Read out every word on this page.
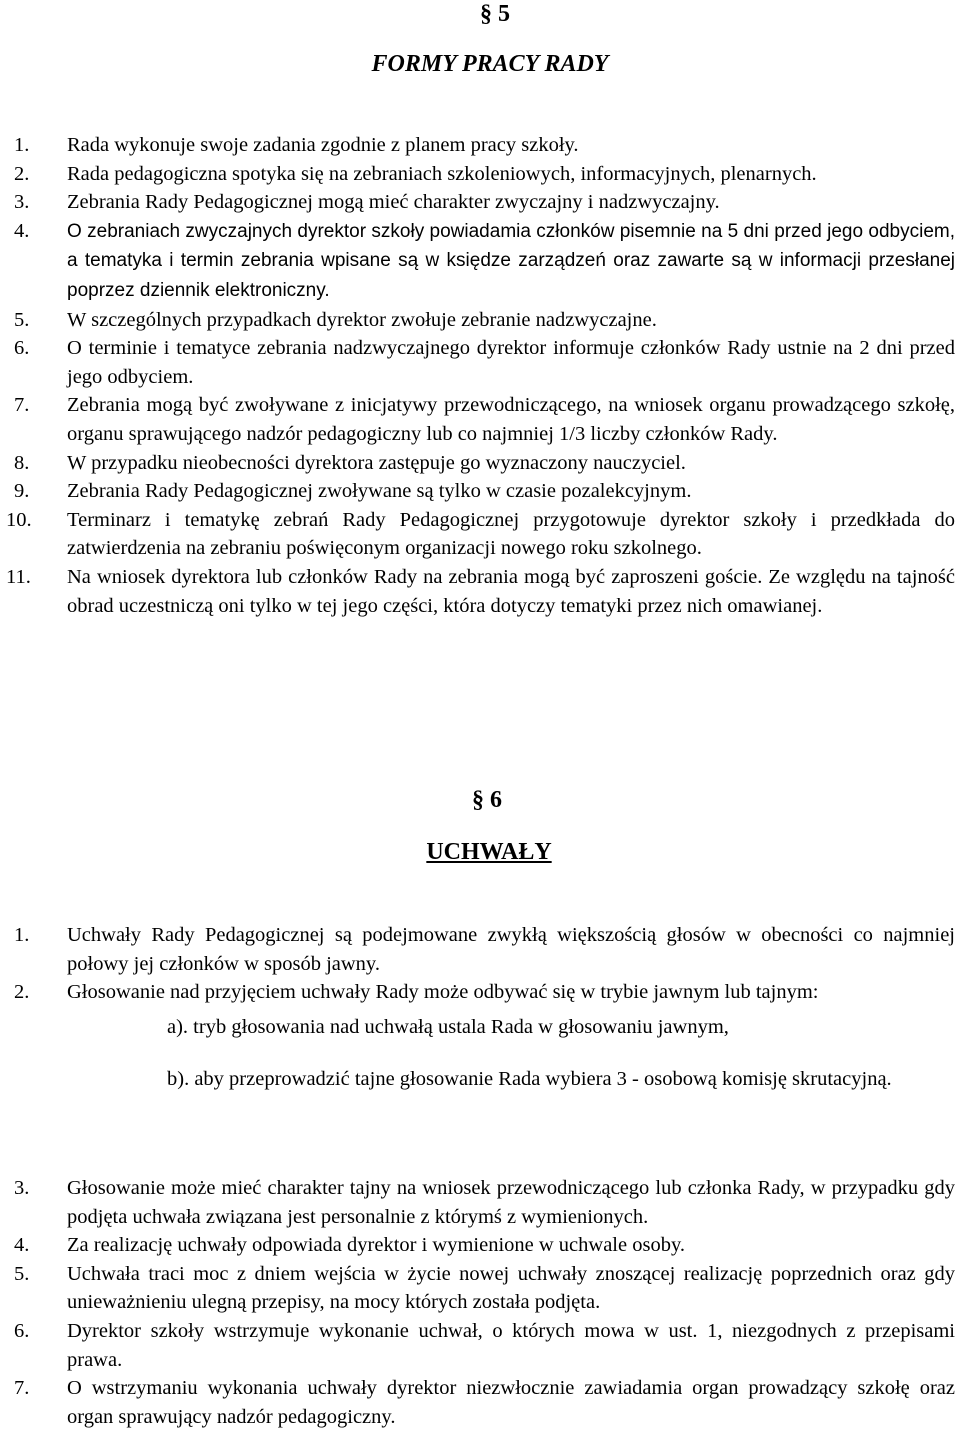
§ 5
FORMY PRACY RADY
1. Rada wykonuje swoje zadania zgodnie z planem pracy szkoły.
2. Rada pedagogiczna spotyka się na zebraniach szkoleniowych, informacyjnych, plenarnych.
3. Zebrania Rady Pedagogicznej mogą mieć charakter zwyczajny i nadzwyczajny.
4. O zebraniach zwyczajnych dyrektor szkoły powiadamia członków pisemnie na 5 dni przed jego odbyciem, a tematyka i termin zebrania wpisane są w księdze zarządzeń oraz zawarte są w informacji przesłanej poprzez dziennik elektroniczny.
5. W szczególnych przypadkach dyrektor zwołuje zebranie nadzwyczajne.
6. O terminie i tematyce zebrania nadzwyczajnego dyrektor informuje członków Rady ustnie na 2 dni przed jego odbyciem.
7. Zebrania mogą być zwoływane z inicjatywy przewodniczącego, na wniosek organu prowadzącego szkołę, organu sprawującego nadzór pedagogiczny lub co najmniej 1/3 liczby członków Rady.
8. W przypadku nieobecności dyrektora zastępuje go wyznaczony nauczyciel.
9. Zebrania Rady Pedagogicznej zwoływane są tylko w czasie pozalekcyjnym.
10. Terminarz i tematykę zebrań Rady Pedagogicznej przygotowuje dyrektor szkoły i przedkłada do zatwierdzenia na zebraniu poświęconym organizacji nowego roku szkolnego.
11. Na wniosek dyrektora lub członków Rady na zebrania mogą być zaproszeni goście. Ze względu na tajność obrad uczestniczą oni tylko w tej jego części, która dotyczy tematyki przez nich omawianej.
§ 6
UCHWAŁY
1. Uchwały Rady Pedagogicznej są podejmowane zwykłą większością głosów w obecności co najmniej połowy jej członków w sposób jawny.
2. Głosowanie nad przyjęciem uchwały Rady może odbywać się w trybie jawnym lub tajnym:
a). tryb głosowania nad uchwałą ustala Rada w głosowaniu jawnym,
b). aby przeprowadzić tajne głosowanie Rada wybiera 3 - osobową komisję skrutacyjną.
3. Głosowanie może mieć charakter tajny na wniosek przewodniczącego lub członka Rady, w przypadku gdy podjęta uchwała związana jest personalnie z którymś z wymienionych.
4. Za realizację uchwały odpowiada dyrektor i wymienione w uchwale osoby.
5. Uchwała traci moc z dniem wejścia w życie nowej uchwały znoszącej realizację poprzednich oraz gdy unieważnieniu ulegną przepisy, na mocy których została podjęta.
6. Dyrektor szkoły wstrzymuje wykonanie uchwał, o których mowa w ust. 1, niezgodnych z przepisami prawa.
7. O wstrzymaniu wykonania uchwały dyrektor niezwłocznie zawiadamia organ prowadzący szkołę oraz organ sprawujący nadzór pedagogiczny.
